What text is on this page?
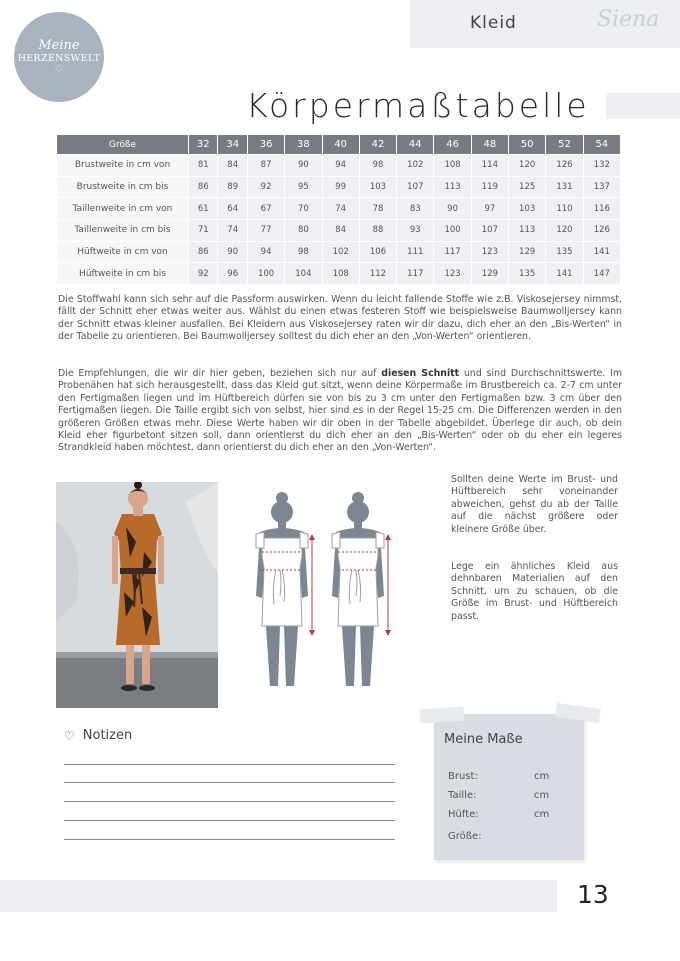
Meine
HERZENSWELT
♡
Kleid	Siena
Körpermaßtabelle
Größe	32	34	36	38	40	42	44	46	48	50	52	54
Brustweite in cm von	81	84	87	90	94	98	102	108	114	120	126	132
Brustweite in cm bis	86	89	92	95	99	103	107	113	119	125	131	137
Taillenweite in cm von	61	64	67	70	74	78	83	90	97	103	110	116
Taillenweite in cm bis	71	74	77	80	84	88	93	100	107	113	120	126
Hüftweite in cm von	86	90	94	98	102	106	111	117	123	129	135	141
Hüftweite in cm bis	92	96	100	104	108	112	117	123	129	135	141	147

Die Stoffwahl kann sich sehr auf die Passform auswirken. Wenn du leicht fallende Stoffe wie z.B. Viskosejersey nimmst, fällt der Schnitt eher etwas weiter aus. Wählst du einen etwas festeren Stoff wie beispielsweise Baumwolljersey kann der Schnitt etwas kleiner ausfallen. Bei Kleidern aus Viskosejersey raten wir dir dazu, dich eher an den „Bis-Werten“ in der Tabelle zu orientieren. Bei Baumwolljersey solltest du dich eher an den „Von-Werten“ orientieren.

Die Empfehlungen, die wir dir hier geben, beziehen sich nur auf diesen Schnitt und sind Durchschnittswerte. Im Probenähen hat sich herausgestellt, dass das Kleid gut sitzt, wenn deine Körpermaße im Brustbereich ca. 2-7 cm unter den Fertigmaßen liegen und im Hüftbereich dürfen sie von bis zu 3 cm unter den Fertigmaßen bzw. 3 cm über den Fertigmaßen liegen. Die Taille ergibt sich von selbst, hier sind es in der Regel 15-25 cm. Die Differenzen werden in den größeren Größen etwas mehr. Diese Werte haben wir dir oben in der Tabelle abgebildet. Überlege dir auch, ob dein Kleid eher figurbetont sitzen soll, dann orientierst du dich eher an den „Bis-Werten“ oder ob du eher ein legeres Strandkleid haben möchtest, dann orientierst du dich eher an den „Von-Werten“.

Sollten deine Werte im Brust- und Hüftbereich sehr voneinander abweichen, gehst du ab der Taille auf die nächst größere oder kleinere Größe über.

Lege ein ähnliches Kleid aus dehnbaren Materialien auf den Schnitt, um zu schauen, ob die Größe im Brust- und Hüftbereich passt.

♡ Notizen	Meine Maße
Brust:	cm
Taille:	cm
Hüfte:	cm
Größe:
13
